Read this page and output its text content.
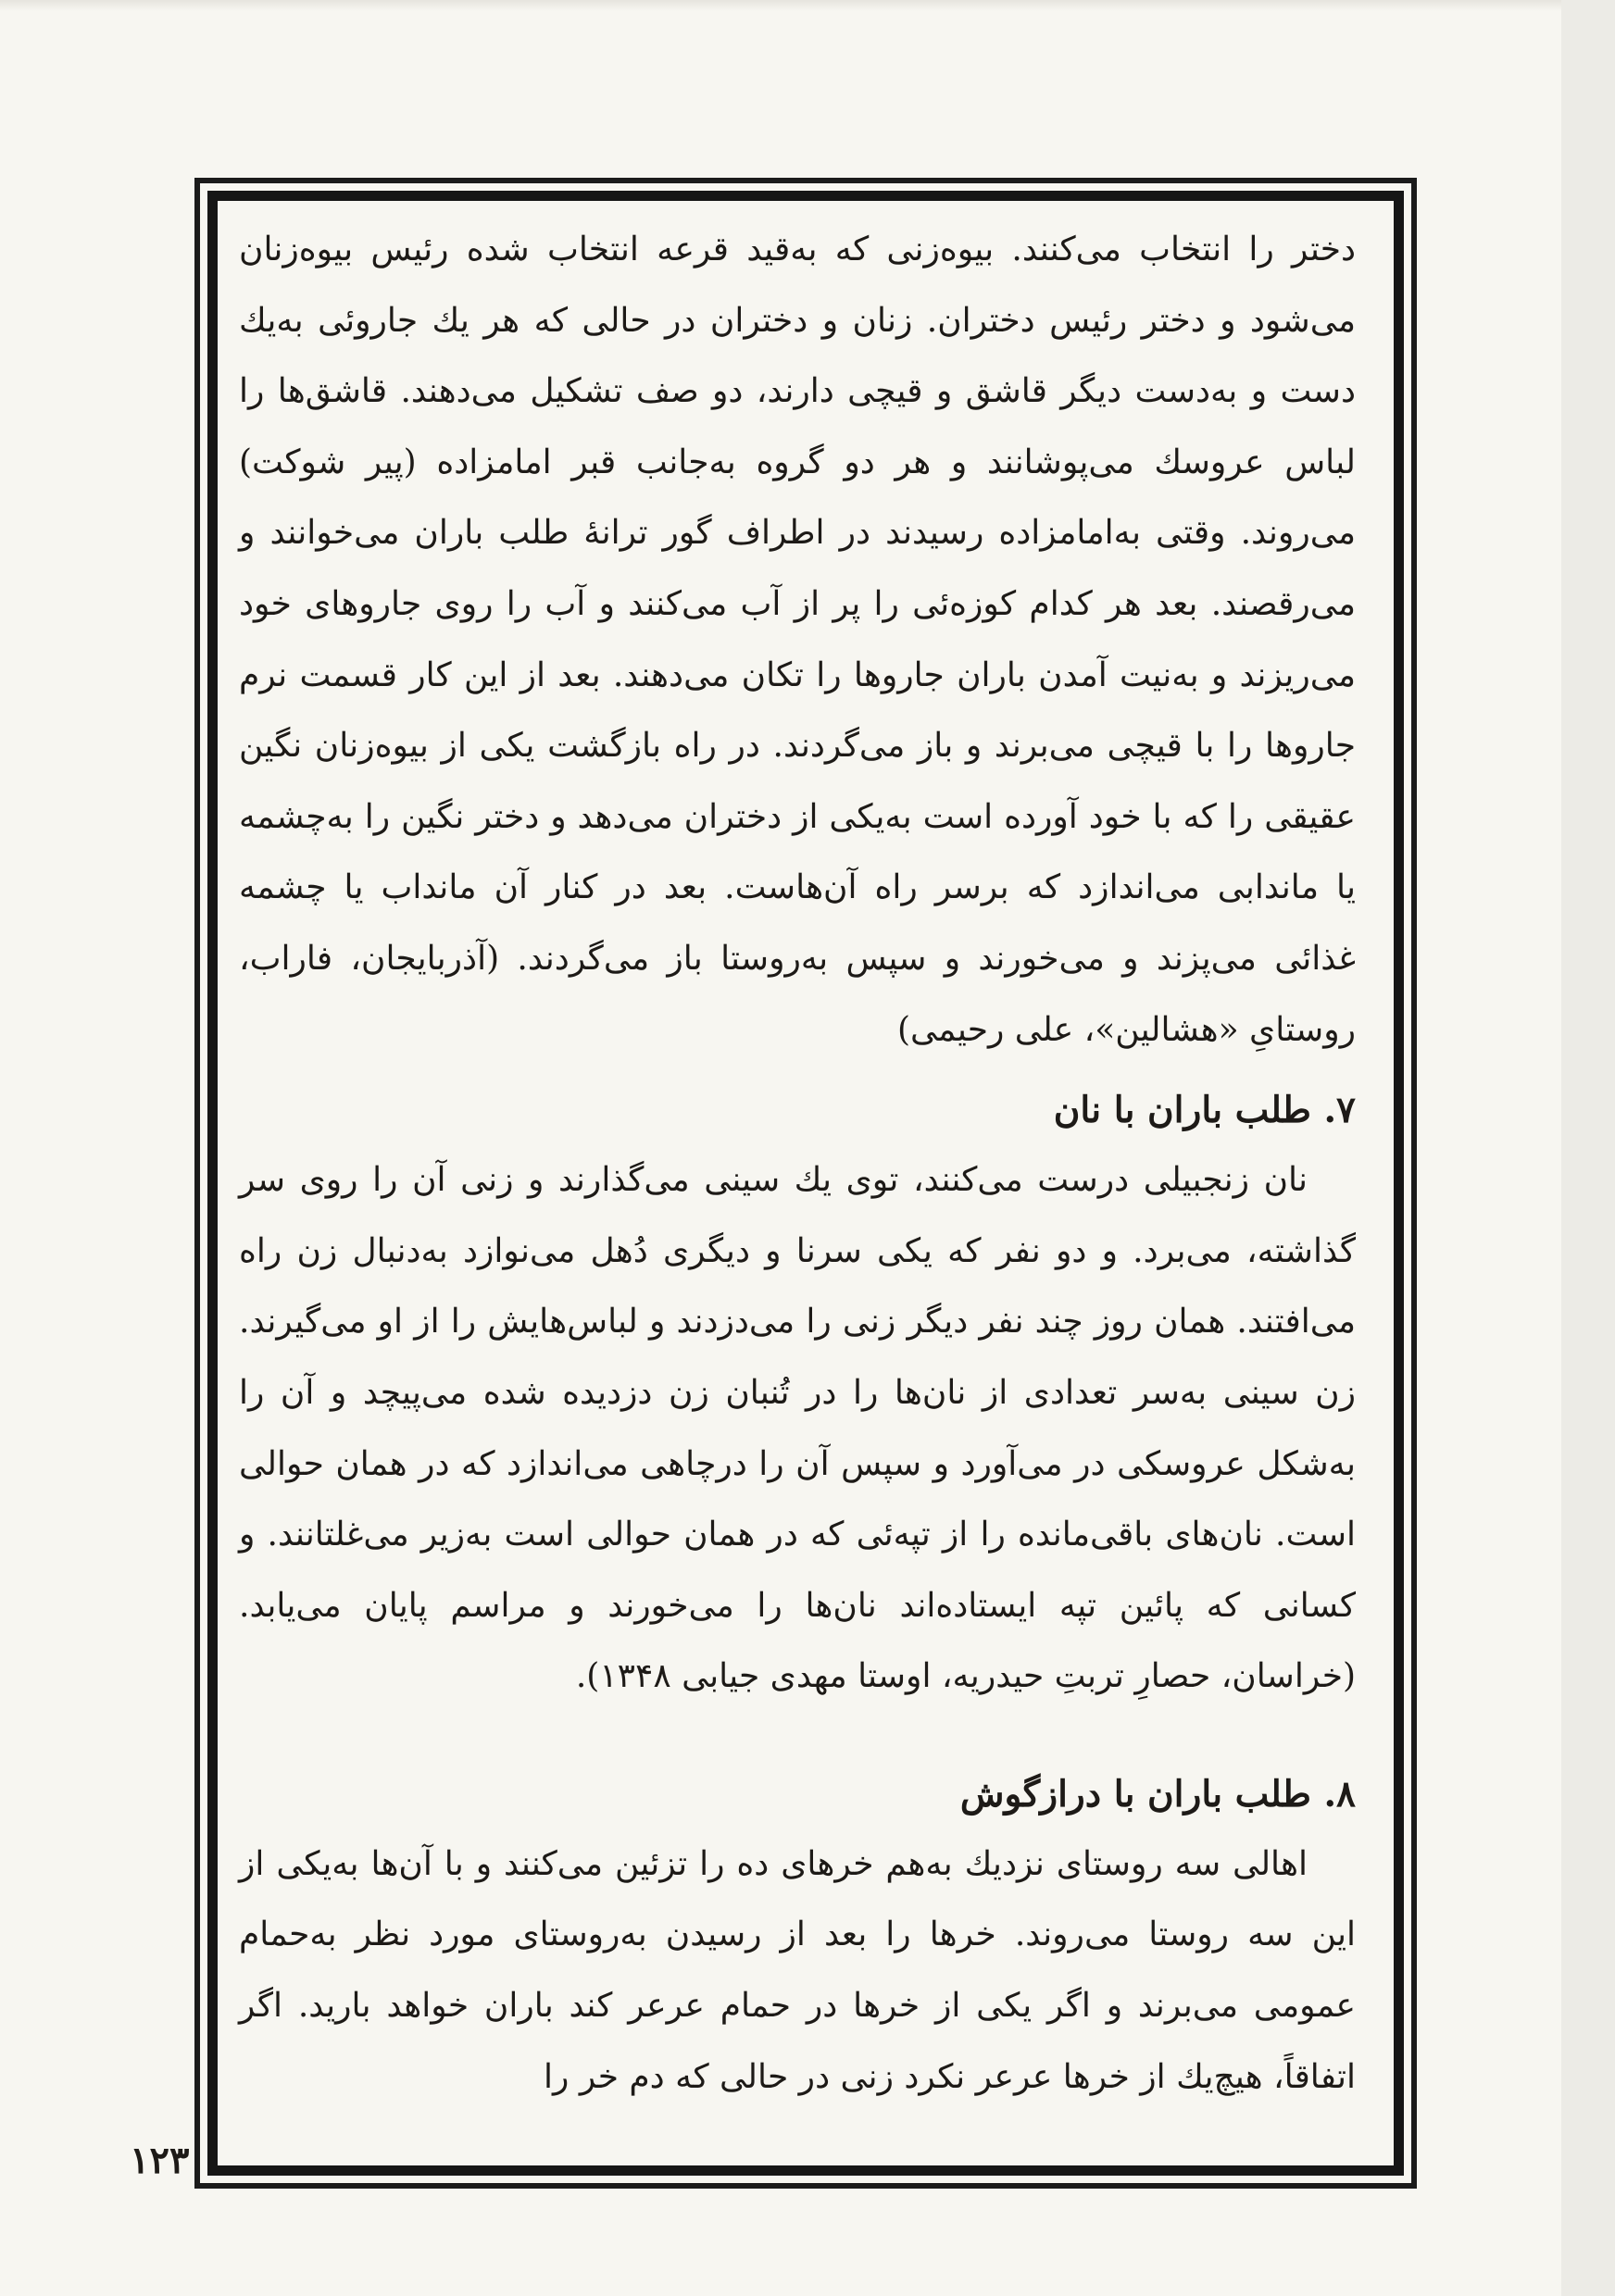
دختر را انتخاب می‌کنند. بیوه‌زنی که به‌قید قرعه انتخاب شده رئیس بیوه‌زنان می‌شود و دختر رئیس دختران. زنان و دختران در حالی که هر یك جاروئی به‌یك دست و به‌دست دیگر قاشق و قیچی دارند، دو صف تشکیل می‌دهند. قاشق‌ها را لباس عروسك می‌پوشانند و هر دو گروه به‌جانب قبر امامزاده (پیر شوکت) می‌روند. وقتی به‌امامزاده رسیدند در اطراف گور ترانهٔ طلب باران می‌خوانند و می‌رقصند. بعد هر کدام کوزه‌ئی را پر از آب می‌کنند و آب را روی جاروهای خود می‌ریزند و به‌نیت آمدن باران جاروها را تکان می‌دهند. بعد از این کار قسمت نرم جاروها را با قیچی می‌برند و باز می‌گردند. در راه بازگشت یکی از بیوه‌زنان نگین عقیقی را که با خود آورده است به‌یکی از دختران می‌دهد و دختر نگین را به‌چشمه یا ماندابی می‌اندازد که برسر راه آن‌هاست. بعد در کنار آن مانداب یا چشمه غذائی می‌پزند و می‌خورند و سپس به‌روستا باز می‌گردند. (آذربایجان، فاراب، روستایِ «هشالین»، علی رحیمی)

۷. طلب باران با نان

نان زنجبیلی درست می‌کنند، توی یك سینی می‌گذارند و زنی آن را روی سر گذاشته، می‌برد. و دو نفر که یکی سرنا و دیگری دُهل می‌نوازد به‌دنبال زن راه می‌افتند. همان روز چند نفر دیگر زنی را می‌دزدند و لباس‌هایش را از او می‌گیرند. زن سینی به‌سر تعدادی از نان‌ها را در تُنبان زن دزدیده شده می‌پیچد و آن را به‌شکل عروسکی در می‌آورد و سپس آن را درچاهی می‌اندازد که در همان حوالی است. نان‌های باقی‌مانده را از تپه‌ئی که در همان حوالی است به‌زیر می‌غلتانند. و کسانی که پائین تپه ایستاده‌اند نان‌ها را می‌خورند و مراسم پایان می‌یابد. (خراسان، حصارِ تربتِ حیدریه، اوستا مهدی جیابی ۱۳۴۸).

۸. طلب باران با درازگوش

اهالی سه روستای نزدیك به‌هم خرهای ده را تزئین می‌کنند و با آن‌ها به‌یکی از این سه روستا می‌روند. خرها را بعد از رسیدن به‌روستای مورد نظر به‌حمام عمومی می‌برند و اگر یکی از خرها در حمام عرعر کند باران خواهد بارید. اگر اتفاقاً، هیچ‌یك از خرها عرعر نکرد زنی در حالی که دم خر را

۱۲۳
